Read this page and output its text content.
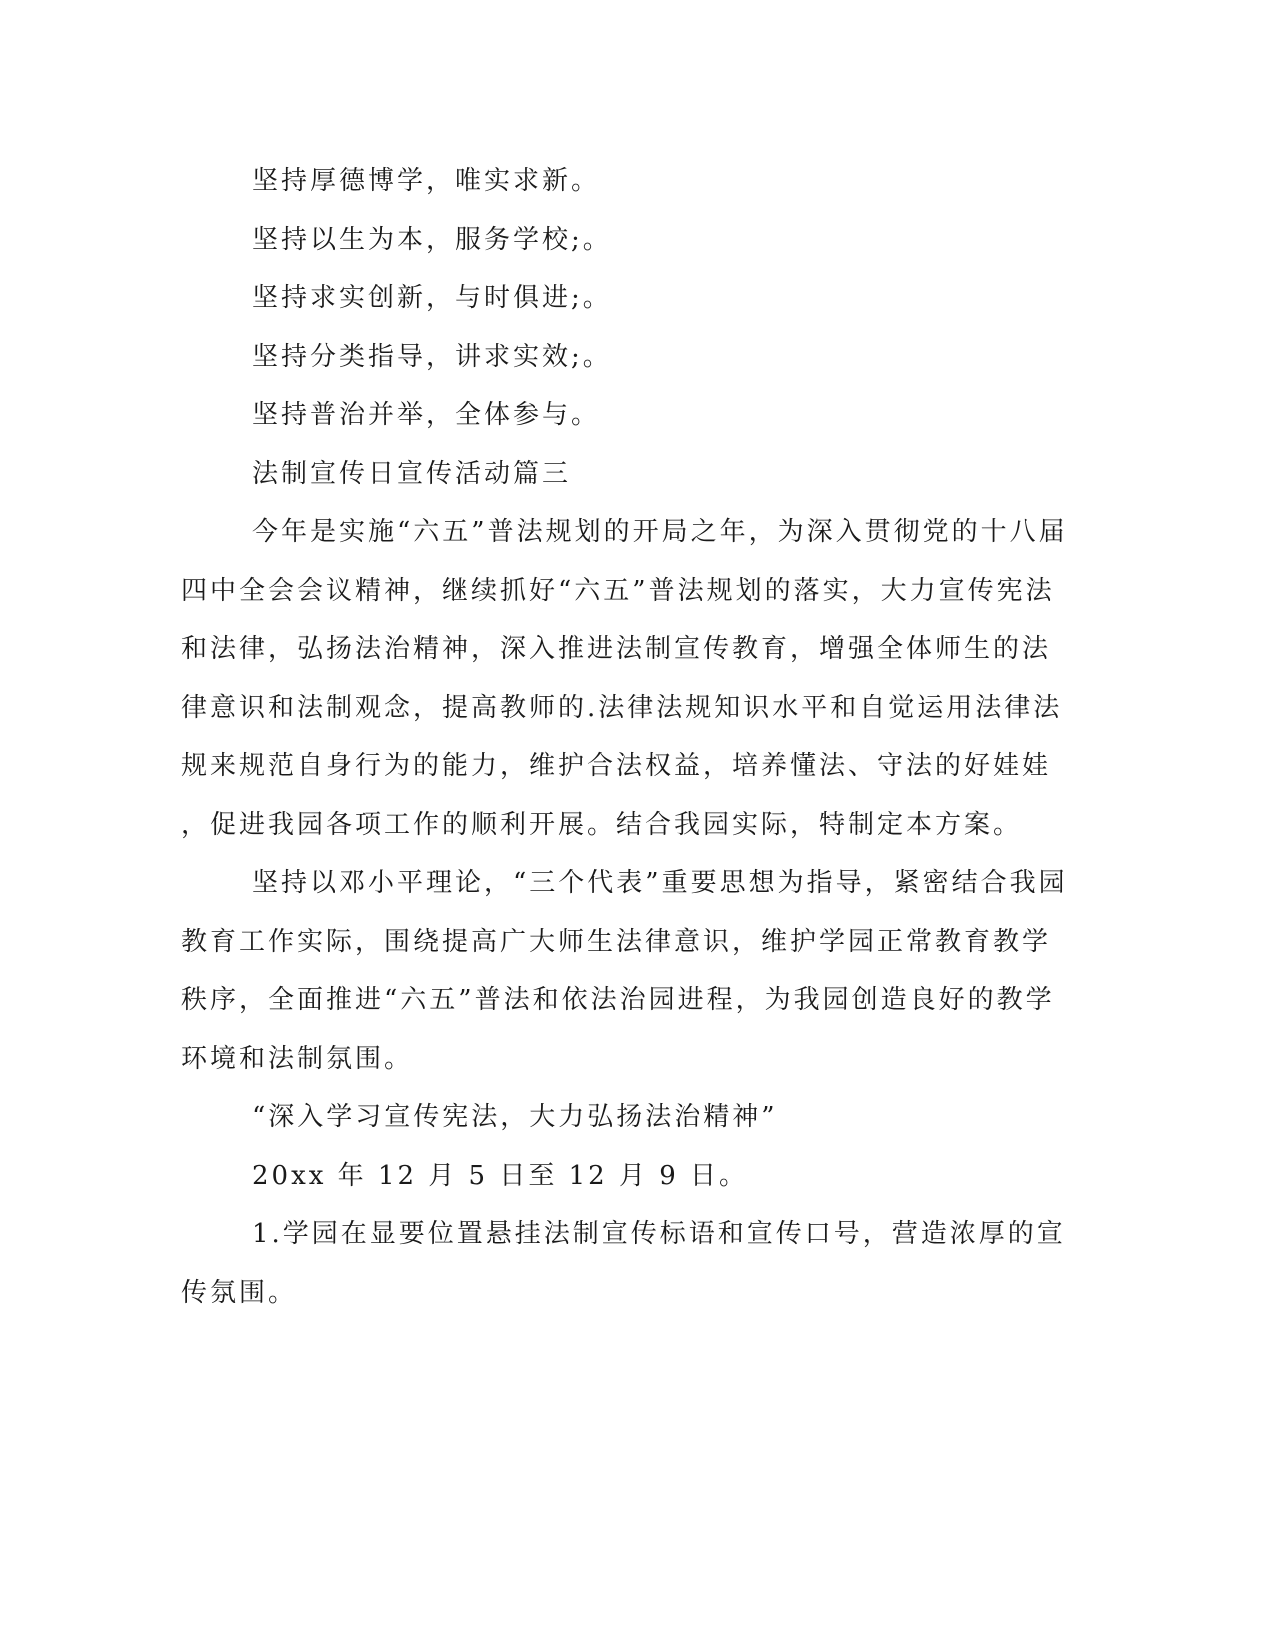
坚持厚德博学，唯实求新。

坚持以生为本，服务学校;。

坚持求实创新，与时俱进;。

坚持分类指导，讲求实效;。

坚持普治并举，全体参与。

法制宣传日宣传活动篇三

今年是实施“六五”普法规划的开局之年，为深入贯彻党的十八届

四中全会会议精神，继续抓好“六五”普法规划的落实，大力宣传宪法

和法律，弘扬法治精神，深入推进法制宣传教育，增强全体师生的法

律意识和法制观念，提高教师的.法律法规知识水平和自觉运用法律法

规来规范自身行为的能力，维护合法权益，培养懂法、守法的好娃娃

，促进我园各项工作的顺利开展。结合我园实际，特制定本方案。

坚持以邓小平理论，“三个代表”重要思想为指导，紧密结合我园

教育工作实际，围绕提高广大师生法律意识，维护学园正常教育教学

秩序，全面推进“六五”普法和依法治园进程，为我园创造良好的教学

环境和法制氛围。

“深入学习宣传宪法，大力弘扬法治精神”

20xx 年 12 月 5 日至 12 月 9 日。

1.学园在显要位置悬挂法制宣传标语和宣传口号，营造浓厚的宣

传氛围。
